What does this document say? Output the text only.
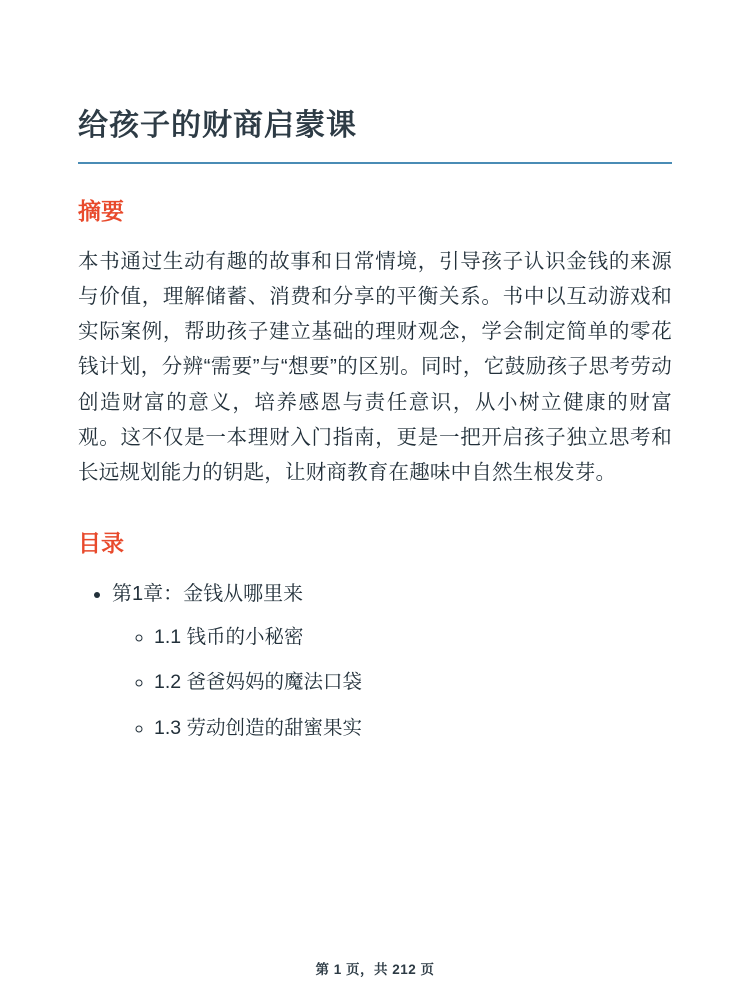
给孩子的财商启蒙课
摘要

本书通过生动有趣的故事和日常情境，引导孩子认识金钱的来源与价值，理解储蓄、消费和分享的平衡关系。书中以互动游戏和实际案例，帮助孩子建立基础的理财观念，学会制定简单的零花钱计划，分辨“需要”与“想要”的区别。同时，它鼓励孩子思考劳动创造财富的意义，培养感恩与责任意识，从小树立健康的财富观。这不仅是一本理财入门指南，更是一把开启孩子独立思考和长远规划能力的钥匙，让财商教育在趣味中自然生根发芽。

目录
• 第1章：金钱从哪里来
◦ 1.1 钱币的小秘密
◦ 1.2 爸爸妈妈的魔法口袋
◦ 1.3 劳动创造的甜蜜果实
第 1 页，共 212 页
